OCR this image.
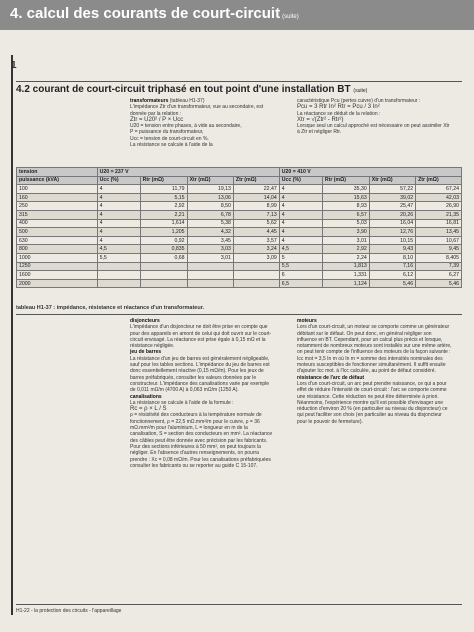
4. calcul des courants de court-circuit (suite)
1
4.2 courant de court-circuit triphasé en tout point d'une installation BT (suite)
transformateurs (tableau H1-37)
L'impédance Ztr d'un transformateur, vue au secondaire, est donnée par la relation :
Ztr = U20² / P × Ucc
U20 = tension entre phases, à vide au secondaire,
P = puissance du transformateur,
Ucc = tension de court-circuit en %.
La résistance se calcule à l'aide de la
caractéristique Pcu (pertes cuivre) d'un transformateur :
Pcu = 3 Rtr In² Rtr = Pcu / 3 In²
La réactance se déduit de la relation :
Xtr = √(Ztr² - Rtr²)
Lorsque seul un calcul approché est nécessaire on peut assimiler Xtr à Ztr et négliger Rtr.
tension	U20 = 237 V				U20 = 410 V			
puissance (kVA)	Ucc (%)	Rtr (mΩ)	Xtr (mΩ)	Ztr (mΩ)	Ucc (%)	Rtr (mΩ)	Xtr (mΩ)	Ztr (mΩ)
100	4	11,79	19,13	22,47	4	35,30	57,22	67,24
160	4	5,15	13,06	14,04	4	15,63	39,02	42,03
250	4	2,92	8,50	8,99	4	8,93	25,47	26,90
315	4	2,21	6,78	7,13	4	6,57	20,26	21,35
400	4	1,614	5,38	5,62	4	5,03	16,04	16,81
500	4	1,205	4,32	4,45	4	3,90	12,76	13,45
630	4	0,92	3,45	3,57	4	3,01	10,15	10,67
800	4,5	0,835	3,03	3,24	4,5	2,92	9,43	9,45
1000	5,5	0,68	3,01	3,09	5	2,24	8,10	8,405
1250					5,5	1,813	7,16	7,39
1600					6	1,331	6,12	6,27
2000					6,5	1,124	5,46	5,46
tableau H1-37 : impédance, résistance et réactance d'un transformateur.
disjoncteurs
L'impédance d'un disjoncteur ne doit être prise en compte que pour des appareils en amont de celui qui doit ouvrir sur le court-circuit envisagé. La réactance est prise égale à 0,15 mΩ et la résistance négligée.
jeu de barres
La résistance d'un jeu de barres est généralement négligeable, sauf pour les tables sections. L'impédance du jeu de barres est donc essentiellement réactive (0,15 mΩ/m). Pour les jeux de barres préfabriqués, consulter les valeurs données par le constructeur. L'impédance des canalisations varie par exemple de 0,011 mΩ/m (4700 A) à 0,063 mΩ/m (1250 A).
canalisations
La résistance se calcule à l'aide de la formule :
Rc = ρ × L / S
ρ = résistivité des conducteurs à la température normale de fonctionnement, ρ = 22,5 mΩ.mm²/m pour le cuivre, ρ = 36 mΩ.mm²/m pour l'aluminium, L = longueur en m de la canalisation, S = section des conducteurs en mm². La réactance des câbles peut être donnée avec précision par les fabricants. Pour des sections inférieures à 50 mm², on peut toujours la négliger. En l'absence d'autres renseignements, on pourra prendre : Xc = 0,08 mΩ/m. Pour les canalisations préfabriquées consulter les fabricants ou se reporter au guide C 15-107.
moteurs
Lors d'un court-circuit, un moteur se comporte comme un générateur débitant sur le défaut. On peut donc, en général négliger son influence en BT. Cependant, pour un calcul plus précis et lorsque, notamment de nombreux moteurs sont installés sur une même artère, on peut tenir compte de l'influence des moteurs de la façon suivante : Icc mot = 3,5 In m où In m = somme des intensités nominales des moteurs susceptibles de fonctionner simultanément. Il suffit ensuite d'ajouter Icc mot. à l'Icc calculée, au point de défaut considéré.
résistance de l'arc de défaut
Lors d'un court-circuit, un arc peut prendre naissance, ce qui a pour effet de réduire l'intensité de court-circuit : l'arc se comporte comme une résistance. Cette réduction ne peut être déterminée à priori. Néanmoins, l'expérience montre qu'il est possible d'envisager une réduction d'environ 20 % (en particulier au niveau du disjoncteur) ce qui peut faciliter son choix (en particulier au niveau du disjoncteur pour le pouvoir de fermeture).
H1-22 - la protection des circuits - l'appareillage
